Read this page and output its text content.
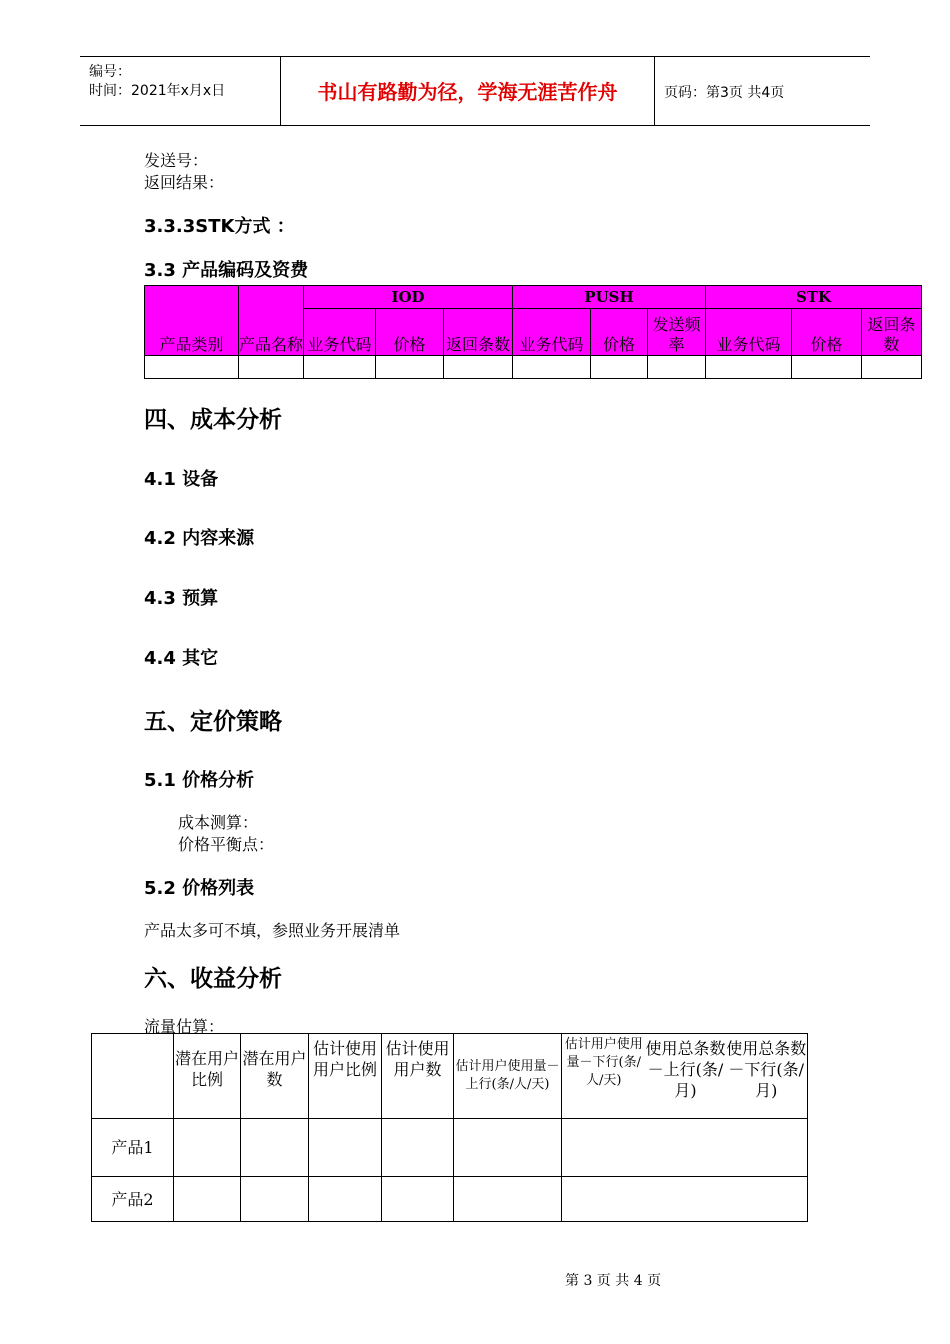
编号：
时间：2021年x月x日	书山有路勤为径，学海无涯苦作舟	页码：第3页 共4页
发送号：
返回结果：
3.3.3STK方式 ：
3.3 产品编码及资费
产品类别	产品名称	IOD			PUSH			STK		
		业务代码	价格	返回条数	业务代码	价格	发送频率	业务代码	价格	返回条数

四、成本分析
4.1 设备
4.2 内容来源
4.3 预算
4.4 其它
五、定价策略
5.1 价格分析
成本测算：
价格平衡点：
5.2 价格列表
产品太多可不填，参照业务开展清单
六、收益分析
流量估算：
	潜在用户比例	潜在用户数	估计使用用户比例	估计使用用户数	估计用户使用量－上行(条/人/天)	估计用户使用量－下行(条/人/天)	使用总条数－上行(条/月)	使用总条数－下行(条/月)
产品1								
产品2								
第 3 页 共 4 页
